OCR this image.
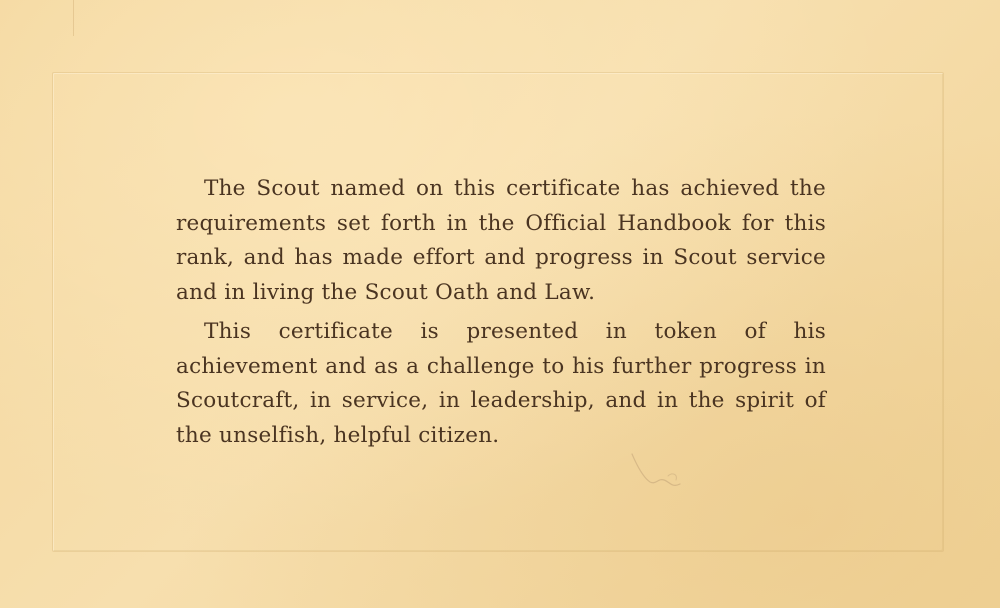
The Scout named on this certificate has achieved the requirements set forth in the Official Handbook for this rank, and has made effort and progress in Scout service and in living the Scout Oath and Law.

This certificate is presented in token of his achievement and as a challenge to his further progress in Scoutcraft, in service, in leadership, and in the spirit of the unselfish, helpful citizen.
